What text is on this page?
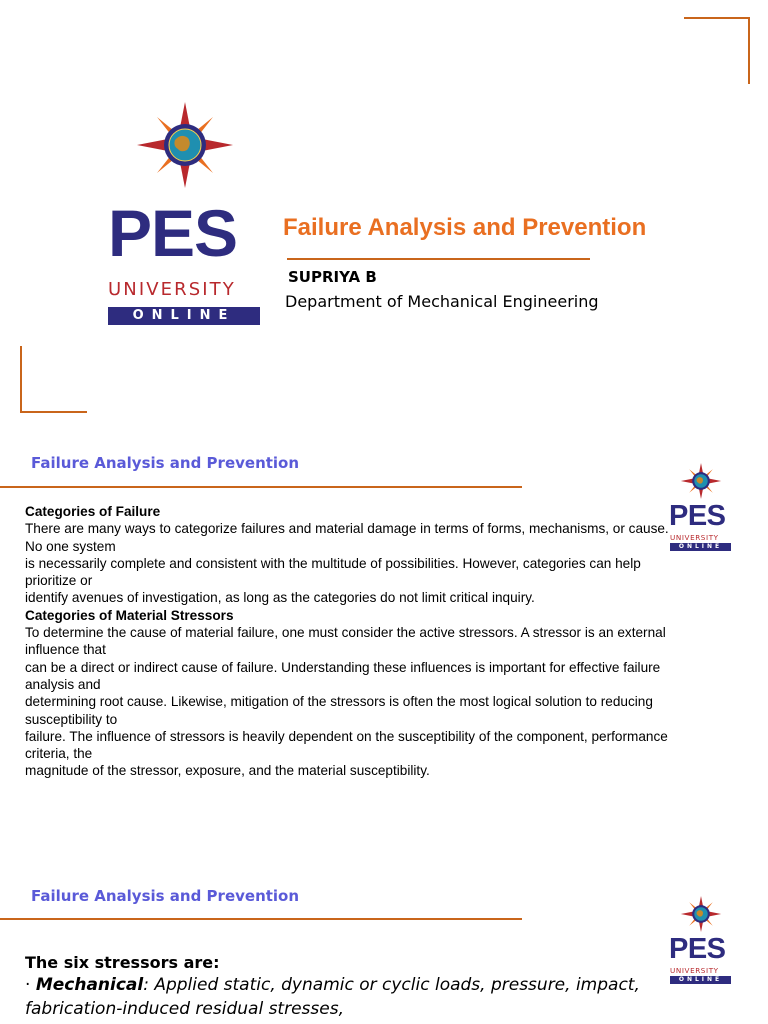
PES
UNIVERSITY
ONLINE
Failure Analysis and Prevention
SUPRIYA B
Department of Mechanical Engineering
Failure Analysis and Prevention
PES
UNIVERSITY
ONLINE

Categories of Failure

There are many ways to categorize failures and material damage in terms of forms, mechanisms, or cause. No one system

is necessarily complete and consistent with the multitude of possibilities. However, categories can help prioritize or

identify avenues of investigation, as long as the categories do not limit critical inquiry.

Categories of Material Stressors

To determine the cause of material failure, one must consider the active stressors. A stressor is an external influence that

can be a direct or indirect cause of failure. Understanding these influences is important for effective failure analysis and

determining root cause. Likewise, mitigation of the stressors is often the most logical solution to reducing susceptibility to

failure. The influence of stressors is heavily dependent on the susceptibility of the component, performance criteria, the

magnitude of the stressor, exposure, and the material susceptibility.

Failure Analysis and Prevention
PES
UNIVERSITY
ONLINE
The six stressors are:
· Mechanical: Applied static, dynamic or cyclic loads, pressure, impact,
fabrication-induced residual stresses,
